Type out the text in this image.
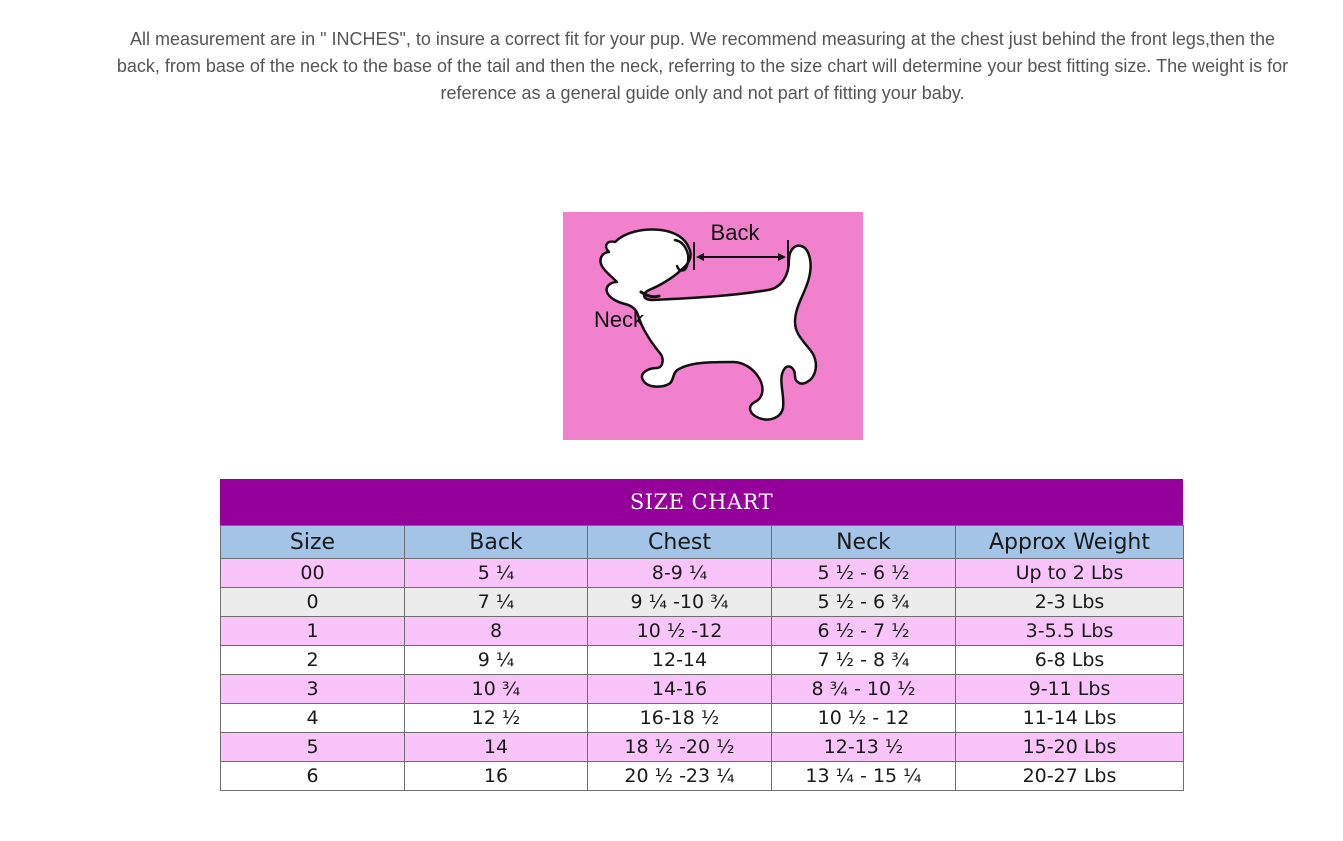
All measurement are in " INCHES", to insure a correct fit for your pup. We recommend measuring at the chest just behind the front legs,then the back, from base of the neck to the base of the tail and then the neck, referring to the size chart will determine your best fitting size. The weight is for reference as a general guide only and not part of fitting your baby.

Back
Neck
SIZE CHART
Size	Back	Chest	Neck	Approx Weight
00	5 ¼	8-9 ¼	5 ½ - 6 ½	Up to 2 Lbs
0	7 ¼	9 ¼ -10 ¾	5 ½ - 6 ¾	2-3 Lbs
1	8	10 ½ -12	6 ½ - 7 ½	3-5.5 Lbs
2	9 ¼	12-14	7 ½ - 8 ¾	6-8 Lbs
3	10 ¾	14-16	8 ¾ - 10 ½	9-11 Lbs
4	12 ½	16-18 ½	10 ½ - 12	11-14 Lbs
5	14	18 ½ -20 ½	12-13 ½	15-20 Lbs
6	16	20 ½ -23 ¼	13 ¼ - 15 ¼	20-27 Lbs
